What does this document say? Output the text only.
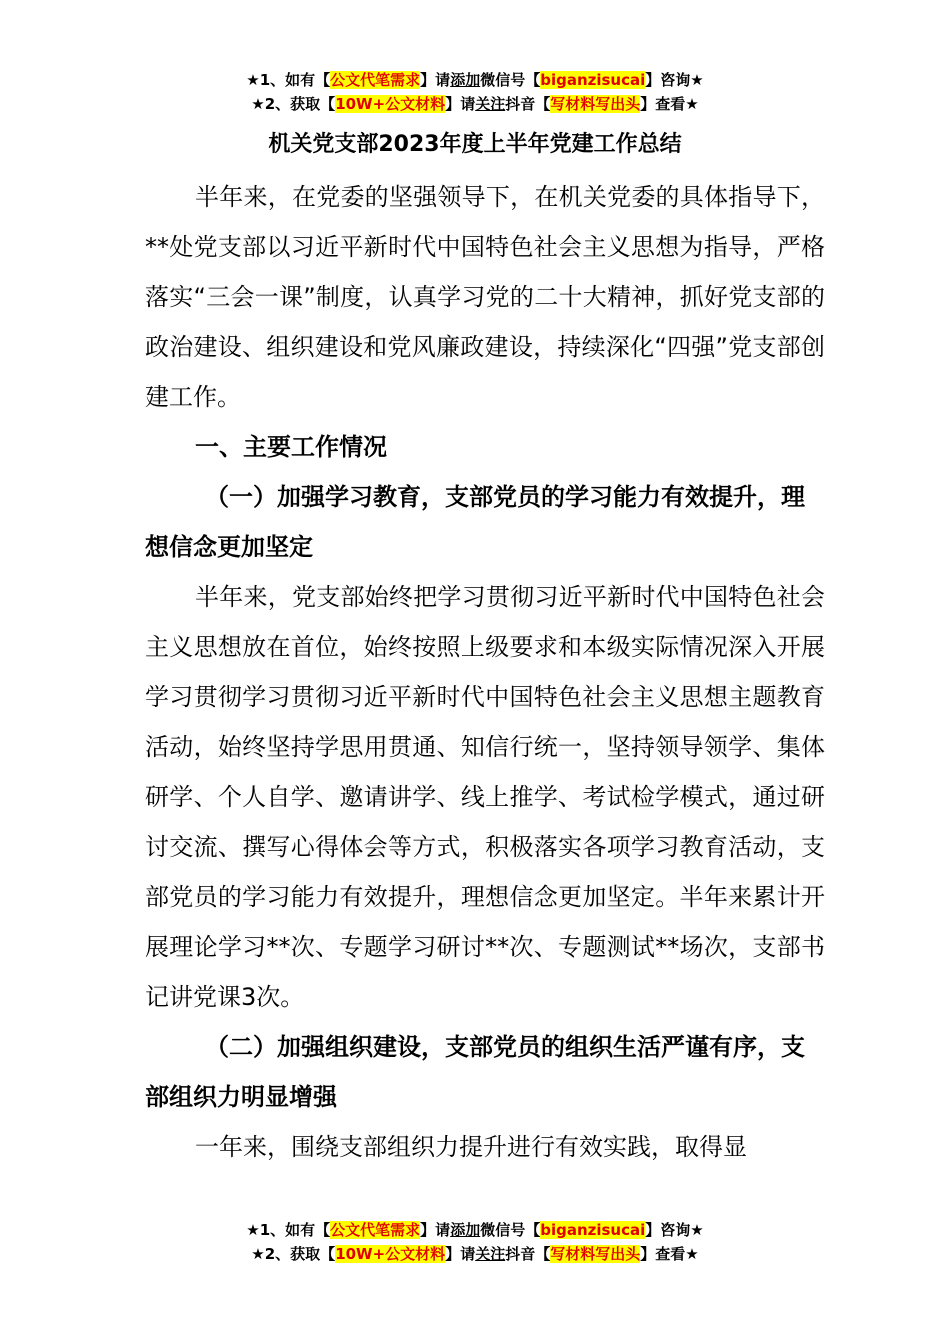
★1、如有【公文代笔需求】请添加微信号【biganzisucai】咨询★
★2、获取【10W+公文材料】请关注抖音【写材料写出头】查看★
机关党支部2023年度上半年党建工作总结

半年来，在党委的坚强领导下，在机关党委的具体指导下，**处党支部以习近平新时代中国特色社会主义思想为指导，严格落实“三会一课”制度，认真学习党的二十大精神，抓好党支部的政治建设、组织建设和党风廉政建设，持续深化“四强”党支部创建工作。

一、主要工作情况

（一）加强学习教育，支部党员的学习能力有效提升，理想信念更加坚定

半年来，党支部始终把学习贯彻习近平新时代中国特色社会主义思想放在首位，始终按照上级要求和本级实际情况深入开展学习贯彻学习贯彻习近平新时代中国特色社会主义思想主题教育活动，始终坚持学思用贯通、知信行统一，坚持领导领学、集体研学、个人自学、邀请讲学、线上推学、考试检学模式，通过研讨交流、撰写心得体会等方式，积极落实各项学习教育活动，支部党员的学习能力有效提升，理想信念更加坚定。半年来累计开展理论学习**次、专题学习研讨**次、专题测试**场次，支部书记讲党课3次。

（二）加强组织建设，支部党员的组织生活严谨有序，支部组织力明显增强

一年来，围绕支部组织力提升进行有效实践，取得显

★1、如有【公文代笔需求】请添加微信号【biganzisucai】咨询★
★2、获取【10W+公文材料】请关注抖音【写材料写出头】查看★
